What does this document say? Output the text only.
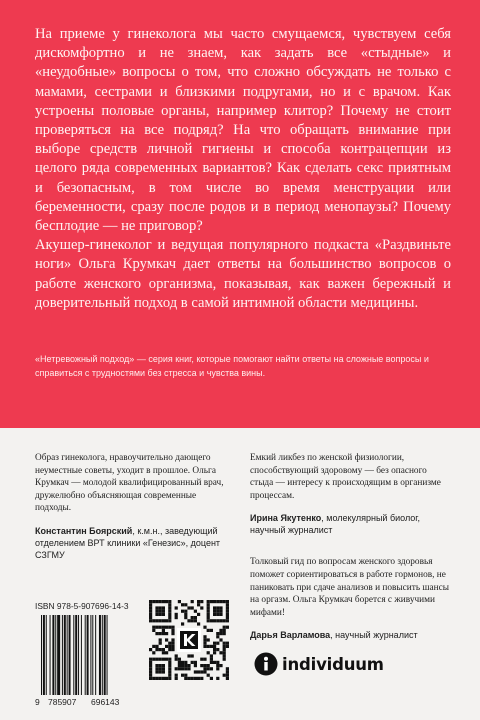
На приеме у гинеколога мы часто смущаемся, чувствуем себя дискомфортно и не знаем, как задать все «стыдные» и «неудобные» вопросы о том, что сложно обсуждать не только с мамами, сестрами и близкими подругами, но и с врачом. Как устроены половые органы, например клитор? Почему не стоит проверяться на все подряд? На что обращать внимание при выборе средств личной гигиены и способа контрацепции из целого ряда современных вариантов? Как сделать секс приятным и безопасным, в том числе во время менструации или беременности, сразу после родов и в период менопаузы? Почему бесплодие — не приговор?

Акушер-гинеколог и ведущая популярного подкаста «Раздвиньте ноги» Ольга Крумкач дает ответы на большинство вопросов о работе женского организма, показывая, как важен бережный и доверительный подход в самой интимной области медицины.

«Нетревожный подход» — серия книг, которые помогают найти ответы на сложные вопросы и справиться с трудностями без стресса и чувства вины.

Образ гинеколога, нравоучительно дающего неуместные советы, уходит в прошлое. Ольга Крумкач — молодой квалифицированный врач, дружелюбно объясняющая современные подходы.

Константин Боярский, к.м.н., заведующий отделением ВРТ клиники «Генезис», доцент СЗГМУ

Емкий ликбез по женской физиологии, способствующий здоровому — без опасного стыда — интересу к происходящим в организме процессам.

Ирина Якутенко, молекулярный биолог, научный журналист

Толковый гид по вопросам женского здоровья поможет сориентироваться в работе гормонов, не паниковать при сдаче анализов и повысить шансы на оргазм. Ольга Крумкач борется с живучими мифами!

Дарья Варламова, научный журналист

ISBN 978-5-907696-14-3
9 785907 696143
individuum
